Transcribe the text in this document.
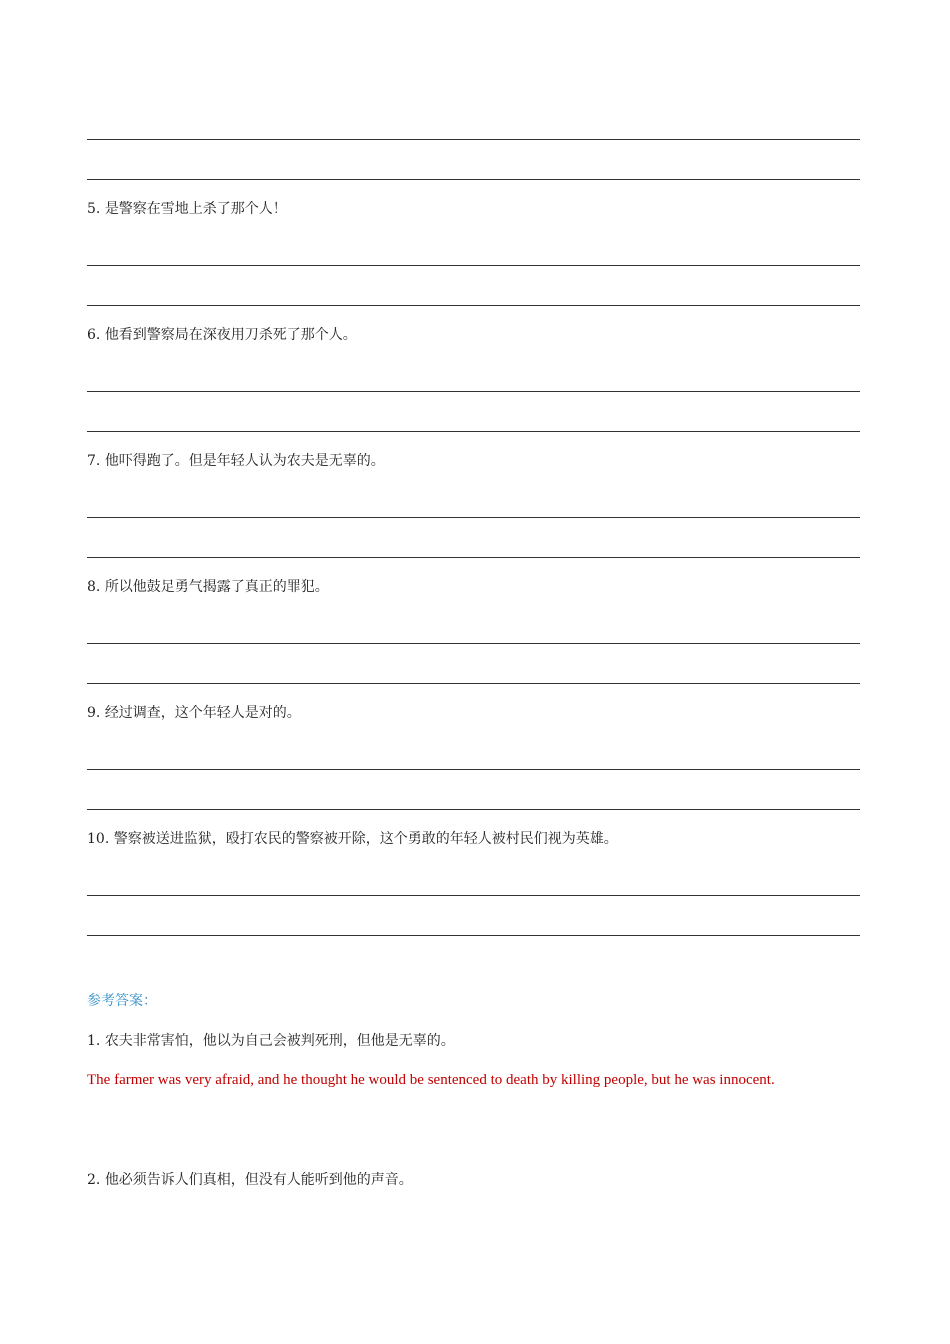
5. 是警察在雪地上杀了那个人！
6. 他看到警察局在深夜用刀杀死了那个人。
7. 他吓得跑了。但是年轻人认为农夫是无辜的。
8. 所以他鼓足勇气揭露了真正的罪犯。
9. 经过调查，这个年轻人是对的。
10. 警察被送进监狱，殴打农民的警察被开除，这个勇敢的年轻人被村民们视为英雄。
参考答案：
1. 农夫非常害怕，他以为自己会被判死刑，但他是无辜的。
The farmer was very afraid, and he thought he would be sentenced to death by killing people, but he was innocent.
2. 他必须告诉人们真相，但没有人能听到他的声音。
